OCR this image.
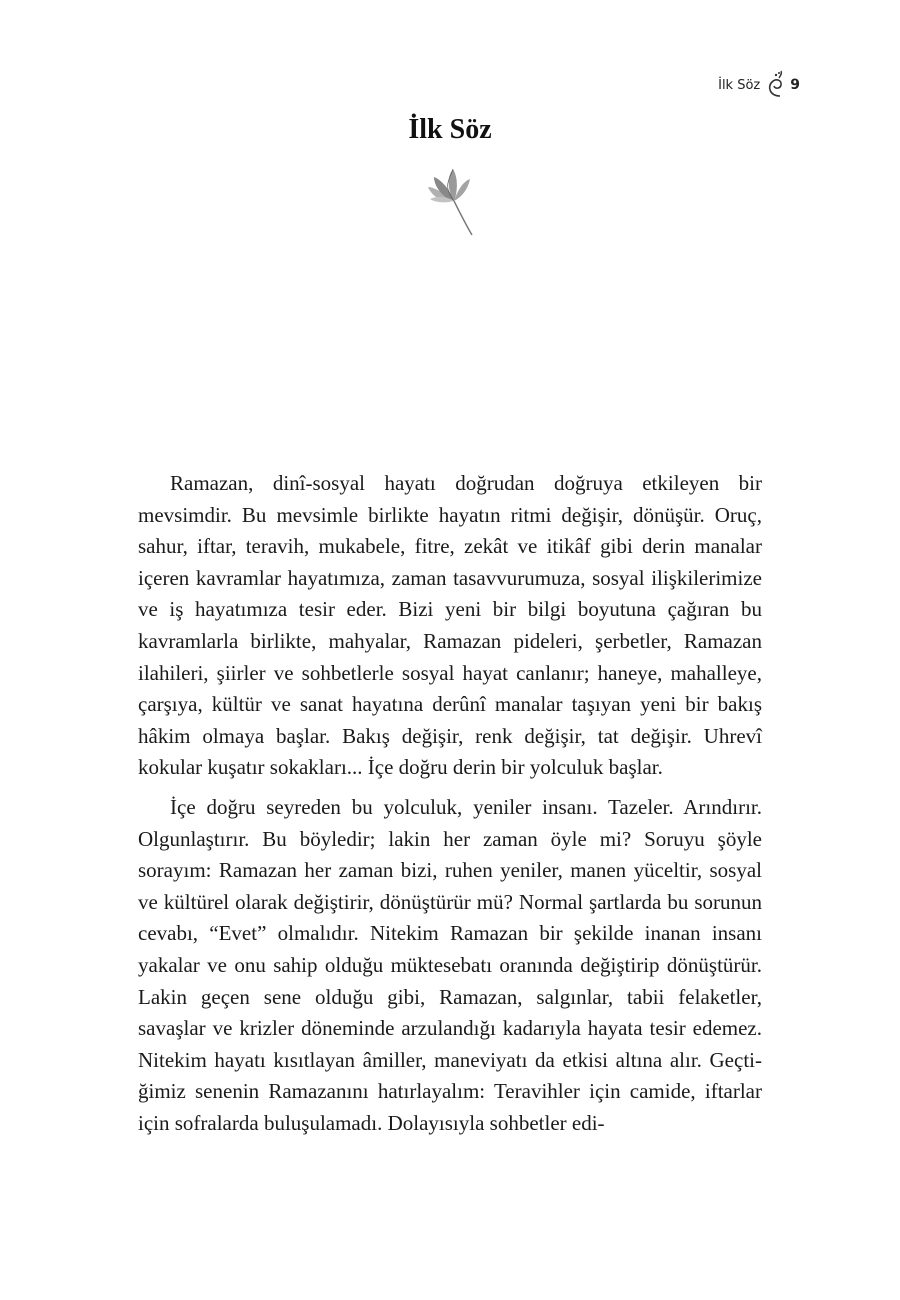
İlk Söz 9
İlk Söz

Ramazan, dinî-sosyal hayatı doğrudan doğruya etkileyen bir mevsimdir. Bu mevsimle birlikte hayatın ritmi değişir, dönüşür. Oruç, sahur, iftar, teravih, mukabele, fitre, zekât ve itikâf gibi derin manalar içeren kavramlar hayatımıza, zaman tasavvurumuza, sosyal ilişkilerimize ve iş hayatımıza tesir eder. Bizi yeni bir bilgi boyutuna çağıran bu kavramlarla birlikte, mahyalar, Ramazan pideleri, şerbetler, Ramazan ilahileri, şiirler ve sohbetlerle sosyal hayat canlanır; haneye, mahalleye, çarşıya, kültür ve sanat hayatına derûnî manalar taşıyan yeni bir bakış hâkim olmaya başlar. Bakış değişir, renk değişir, tat değişir. Uhrevî kokular kuşatır sokakları... İçe doğru derin bir yolculuk başlar.

İçe doğru seyreden bu yolculuk, yeniler insanı. Tazeler. Arındırır. Olgunlaştırır. Bu böyledir; lakin her zaman öyle mi? Soruyu şöyle sorayım: Ramazan her zaman bizi, ruhen yeniler, manen yüceltir, sosyal ve kültürel olarak değiştirir, dönüştürür mü? Normal şartlarda bu sorunun cevabı, “Evet” olmalıdır. Nitekim Ramazan bir şekilde inanan insanı yakalar ve onu sahip olduğu müktesebatı oranında değiştirip dönüştürür. Lakin geçen sene olduğu gibi, Ramazan, salgınlar, tabii felaketler, savaşlar ve krizler döneminde arzulandığı kadarıyla hayata tesir edemez. Nitekim hayatı kısıtlayan âmiller, maneviyatı da etkisi altına alır. Geçtiğimiz senenin Ramazanını hatırlayalım: Teravihler için camide, iftarlar için sofralarda buluşulamadı. Dolayısıyla sohbetler edi-
